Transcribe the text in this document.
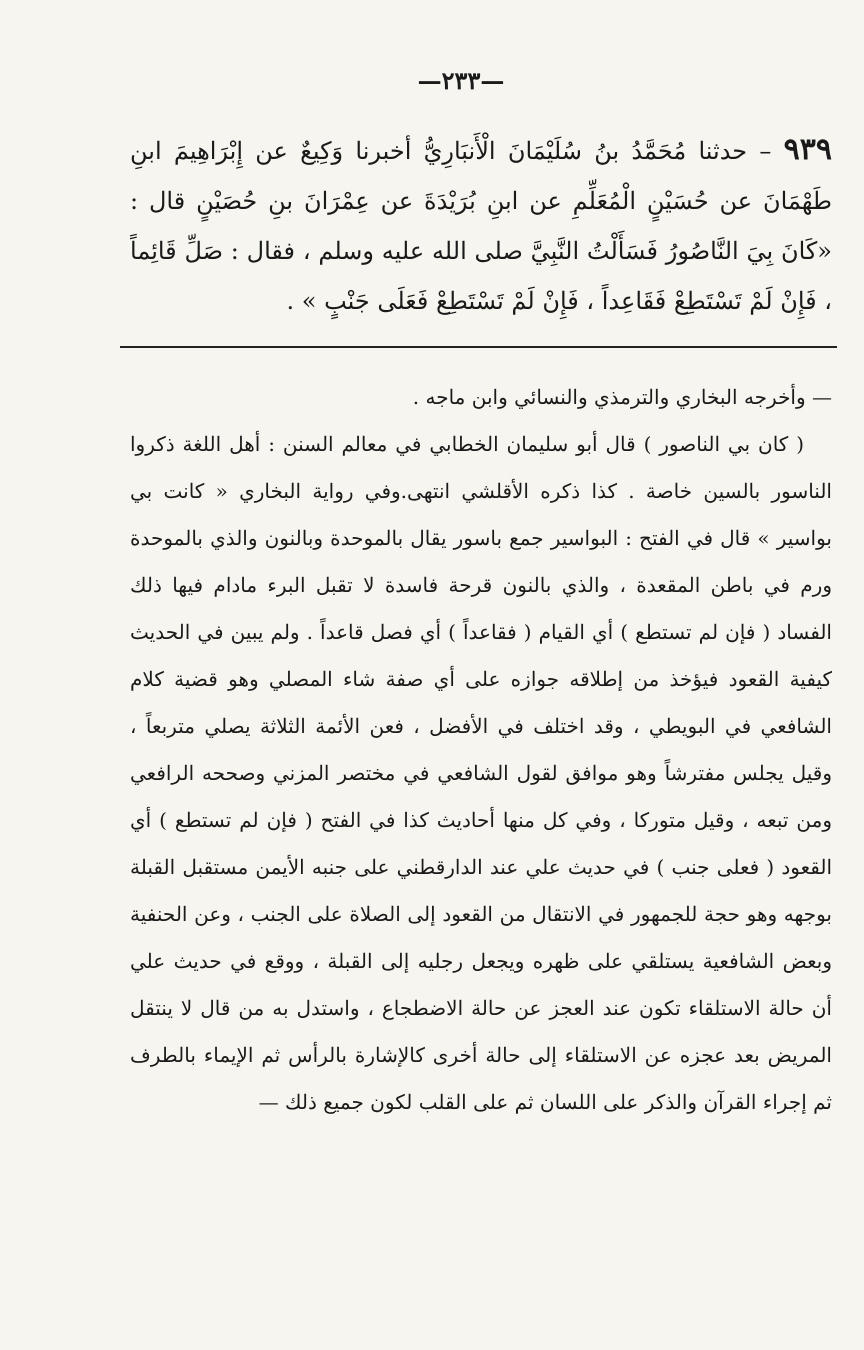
—٢٣٣—
٩٣٩ – حدثنا مُحَمَّدُ بنُ سُلَيْمَانَ الْأَنبَارِيُّ أخبرنا وَكِيعٌ عن إِبْرَاهِيمَ ابنِ طَهْمَانَ عن حُسَيْنٍ الْمُعَلِّمِ عن ابنِ بُرَيْدَةَ عن عِمْرَانَ بنِ حُصَيْنٍ قال : «كَانَ بِيَ النَّاصُورُ فَسَأَلْتُ النَّبِيَّ صلى الله عليه وسلم ، فقال : صَلِّ قَائِماً ، فَإِنْ لَمْ تَسْتَطِعْ فَقَاعِداً ، فَإِنْ لَمْ تَسْتَطِعْ فَعَلَى جَنْبٍ » .

— وأخرجه البخاري والترمذي والنسائي وابن ماجه .

( كان بي الناصور ) قال أبو سليمان الخطابي في معالم السنن : أهل اللغة ذكروا الناسور بالسين خاصة . كذا ذكره الأقلشي انتهى.وفي رواية البخاري « كانت بي بواسير » قال في الفتح : البواسير جمع باسور يقال بالموحدة وبالنون والذي بالموحدة ورم في باطن المقعدة ، والذي بالنون قرحة فاسدة لا تقبل البرء مادام فيها ذلك الفساد ( فإن لم تستطع ) أي القيام ( فقاعداً ) أي فصل قاعداً . ولم يبين في الحديث كيفية القعود فيؤخذ من إطلاقه جوازه على أي صفة شاء المصلي وهو قضية كلام الشافعي في البويطي ، وقد اختلف في الأفضل ، فعن الأئمة الثلاثة يصلي متربعاً ، وقيل يجلس مفترشاً وهو موافق لقول الشافعي في مختصر المزني وصححه الرافعي ومن تبعه ، وقيل متوركا ، وفي كل منها أحاديث كذا في الفتح ( فإن لم تستطع ) أي القعود ( فعلى جنب ) في حديث علي عند الدارقطني على جنبه الأيمن مستقبل القبلة بوجهه وهو حجة للجمهور في الانتقال من القعود إلى الصلاة على الجنب ، وعن الحنفية وبعض الشافعية يستلقي على ظهره ويجعل رجليه إلى القبلة ، ووقع في حديث علي أن حالة الاستلقاء تكون عند العجز عن حالة الاضطجاع ، واستدل به من قال لا ينتقل المريض بعد عجزه عن الاستلقاء إلى حالة أخرى كالإشارة بالرأس ثم الإيماء بالطرف ثم إجراء القرآن والذكر على اللسان ثم على القلب لكون جميع ذلك —
